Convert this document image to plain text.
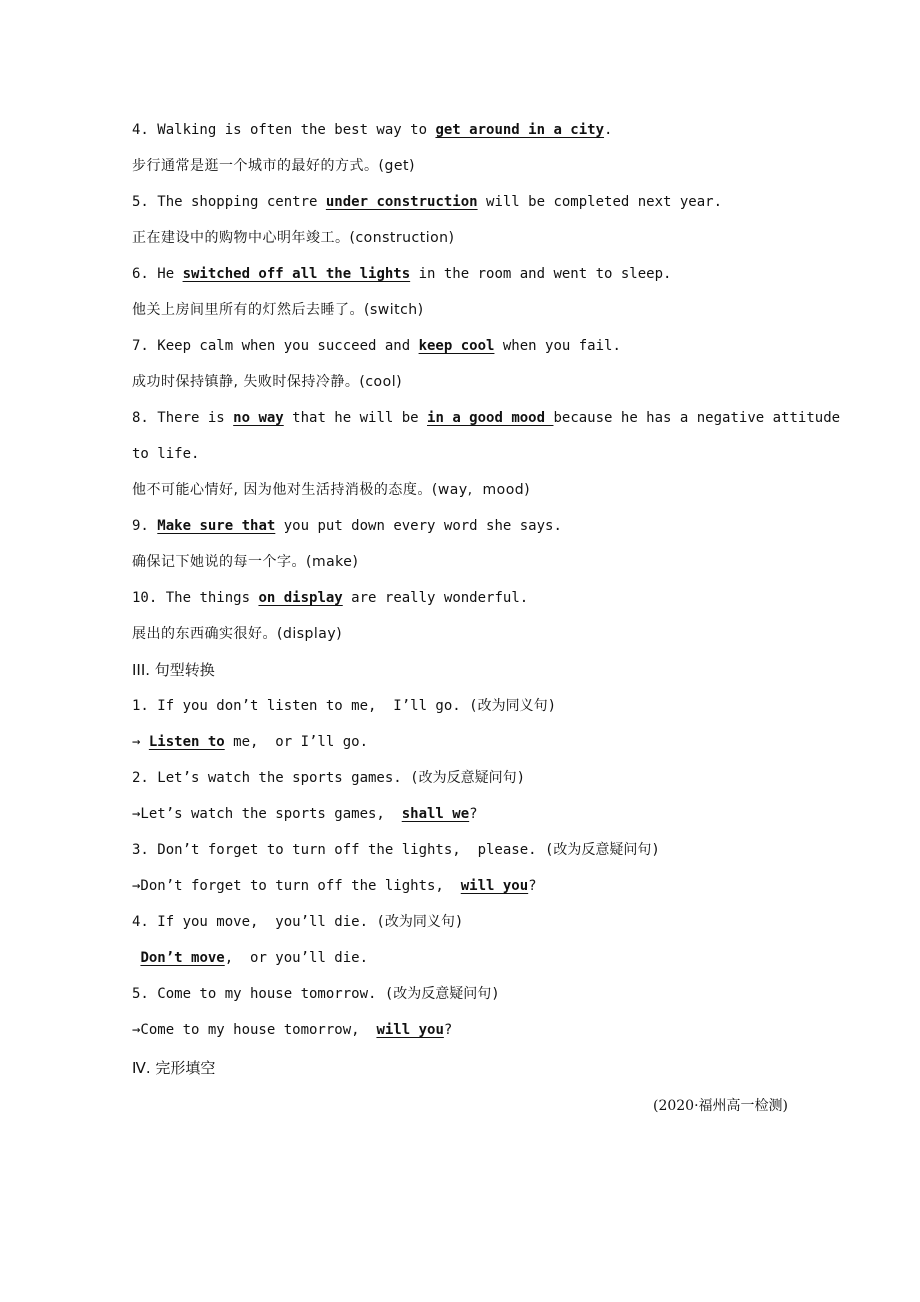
4. Walking is often the best way to get around in a city.
步行通常是逛一个城市的最好的方式。(get)
5. The shopping centre under construction will be completed next year.
正在建设中的购物中心明年竣工。(construction)
6. He switched off all the lights in the room and went to sleep.
他关上房间里所有的灯然后去睡了。(switch)
7. Keep calm when you succeed and keep cool when you fail.
成功时保持镇静, 失败时保持冷静。(cool)
8. There is no way that he will be in a good mood because he has a negative attitude
to life.
他不可能心情好, 因为他对生活持消极的态度。(way,  mood)
9. Make sure that you put down every word she says.
确保记下她说的每一个字。(make)
10. The things on display are really wonderful.
展出的东西确实很好。(display)
III. 句型转换
1. If you don’t listen to me,  I’ll go. (改为同义句)
→ Listen to me,  or I’ll go.
2. Let’s watch the sports games. (改为反意疑问句)
→Let’s watch the sports games,  shall we?
3. Don’t forget to turn off the lights,  please. (改为反意疑问句)
→Don’t forget to turn off the lights,  will you?
4. If you move,  you’ll die. (改为同义句)
Don’t move,  or you’ll die.
5. Come to my house tomorrow. (改为反意疑问句)
→Come to my house tomorrow,  will you?
Ⅳ. 完形填空
(2020·福州高一检测)
